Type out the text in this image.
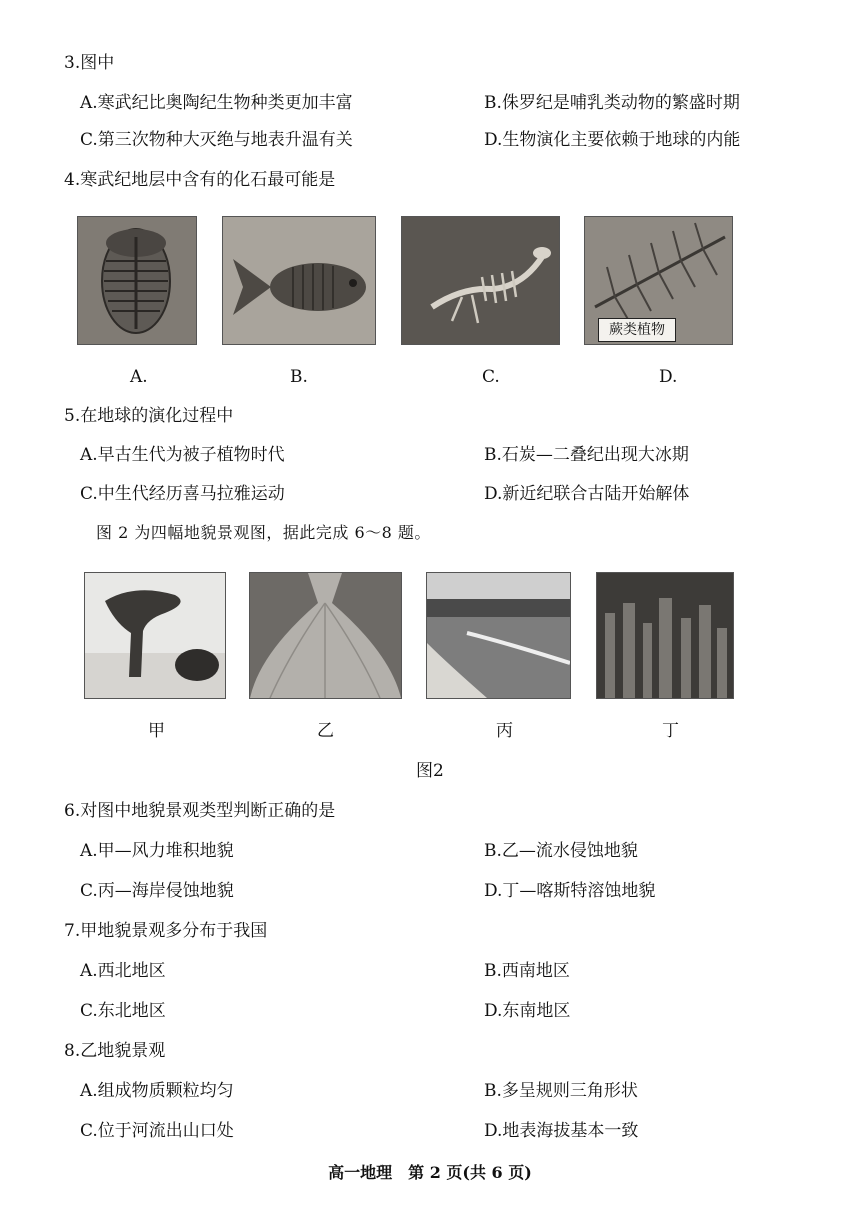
3.图中
A.寒武纪比奥陶纪生物种类更加丰富	B.侏罗纪是哺乳类动物的繁盛时期
C.第三次物种大灭绝与地表升温有关	D.生物演化主要依赖于地球的内能
4.寒武纪地层中含有的化石最可能是
蕨类植物
A.	B.	C.	D.
5.在地球的演化过程中
A.早古生代为被子植物时代	B.石炭—二叠纪出现大冰期
C.中生代经历喜马拉雅运动	D.新近纪联合古陆开始解体
图 2 为四幅地貌景观图，据此完成 6～8 题。
甲	乙	丙	丁
图2
6.对图中地貌景观类型判断正确的是
A.甲—风力堆积地貌	B.乙—流水侵蚀地貌
C.丙—海岸侵蚀地貌	D.丁—喀斯特溶蚀地貌
7.甲地貌景观多分布于我国
A.西北地区	B.西南地区
C.东北地区	D.东南地区
8.乙地貌景观
A.组成物质颗粒均匀	B.多呈规则三角形状
C.位于河流出山口处	D.地表海拔基本一致
高一地理　第 2 页(共 6 页)
